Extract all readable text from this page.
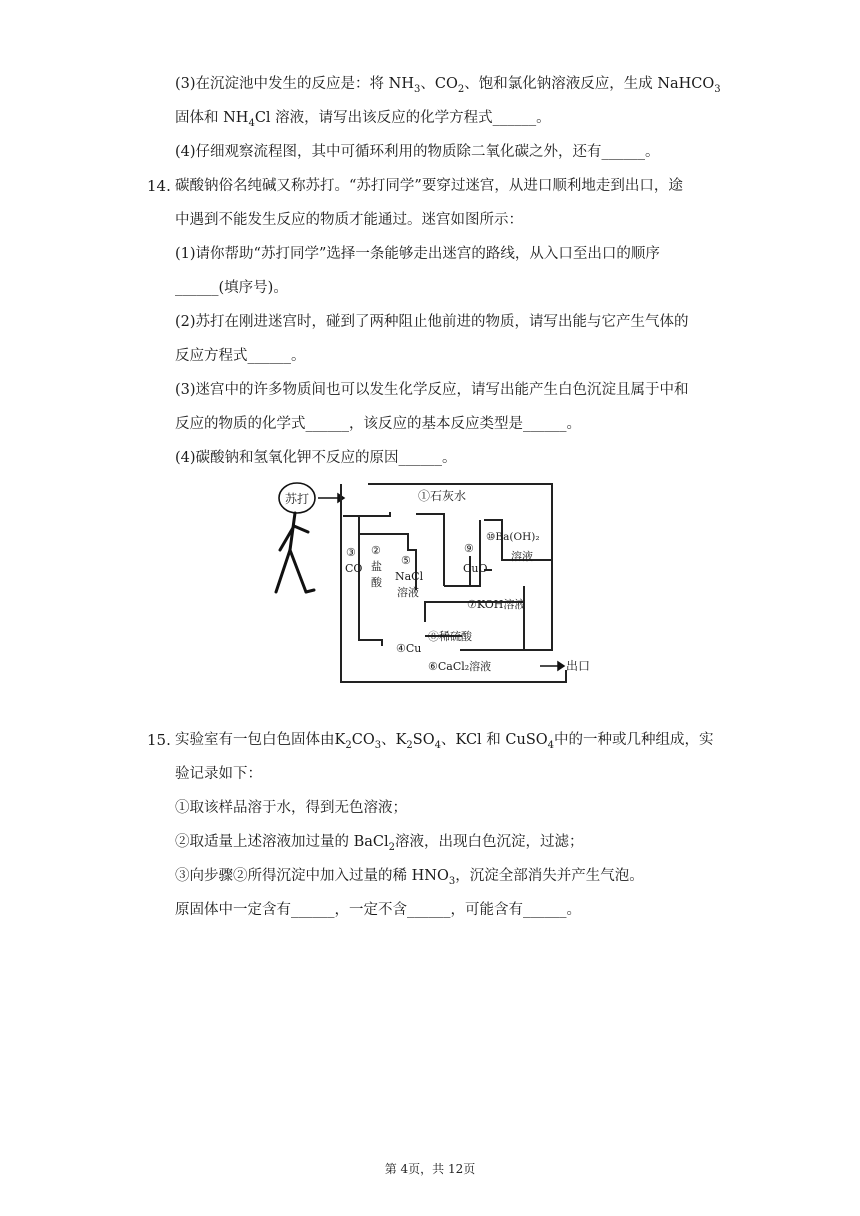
(3)在沉淀池中发生的反应是：将 $NH_3$、$CO_2$、饱和氯化钠溶液反应，生成 NaHCO$_3$
固体和 $NH_4Cl$ 溶液，请写出该反应的化学方程式______。
(4)仔细观察流程图，其中可循环利用的物质除二氧化碳之外，还有______。
14. 碳酸钠俗名纯碱又称苏打。“苏打同学”要穿过迷宫，从进口顺利地走到出口，途
中遇到不能发生反应的物质才能通过。迷宫如图所示：
(1)请你帮助“苏打同学”选择一条能够走出迷宫的路线，从入口至出口的顺序
______(填序号)。
(2)苏打在刚进迷宫时，碰到了两种阻止他前进的物质，请写出能与它产生气体的
反应方程式______。
(3)迷宫中的许多物质间也可以发生化学反应，请写出能产生白色沉淀且属于中和
反应的物质的化学式______，该反应的基本反应类型是______。
(4)碳酸钠和氢氧化钾不反应的原因______。
苏打	①石灰水
③
CO
②
盐
酸
⑤
NaCl
溶液
⑨
CuO
⑩Ba(OH)₂
溶液
⑦KOH溶液
⑧稀硫酸
④Cu
⑥CaCl₂溶液	出口
15. 实验室有一包白色固体由$K_2CO_3$、$K_2SO_4$、KCl 和 CuSO$_4$中的一种或几种组成，实
验记录如下：
①取该样品溶于水，得到无色溶液；
②取适量上述溶液加过量的 BaCl$_2$溶液，出现白色沉淀，过滤；
③向步骤②所得沉淀中加入过量的稀 $HNO_3$，沉淀全部消失并产生气泡。
原固体中一定含有______，一定不含______，可能含有______。
第 4页，共 12页
